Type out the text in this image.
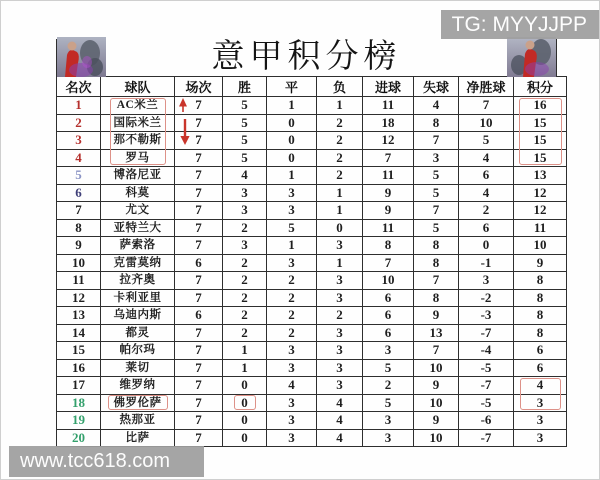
意甲积分榜
名次	球队	场次	胜	平	负	进球	失球	净胜球	积分
1	AC米兰	7	5	1	1	11	4	7	16
2	国际米兰	7	5	0	2	18	8	10	15
3	那不勒斯	7	5	0	2	12	7	5	15
4	罗马	7	5	0	2	7	3	4	15
5	博洛尼亚	7	4	1	2	11	5	6	13
6	科莫	7	3	3	1	9	5	4	12
7	尤文	7	3	3	1	9	7	2	12
8	亚特兰大	7	2	5	0	11	5	6	11
9	萨索洛	7	3	1	3	8	8	0	10
10	克雷莫纳	6	2	3	1	7	8	-1	9
11	拉齐奥	7	2	2	3	10	7	3	8
12	卡利亚里	7	2	2	3	6	8	-2	8
13	乌迪内斯	6	2	2	2	6	9	-3	8
14	都灵	7	2	2	3	6	13	-7	8
15	帕尔玛	7	1	3	3	3	7	-4	6
16	莱切	7	1	3	3	5	10	-5	6
17	维罗纳	7	0	4	3	2	9	-7	4
18	佛罗伦萨	7	0	3	4	5	10	-5	3
19	热那亚	7	0	3	4	3	9	-6	3
20	比萨	7	0	3	4	3	10	-7	3
TG: MYYJJPP
www.tcc618.com
